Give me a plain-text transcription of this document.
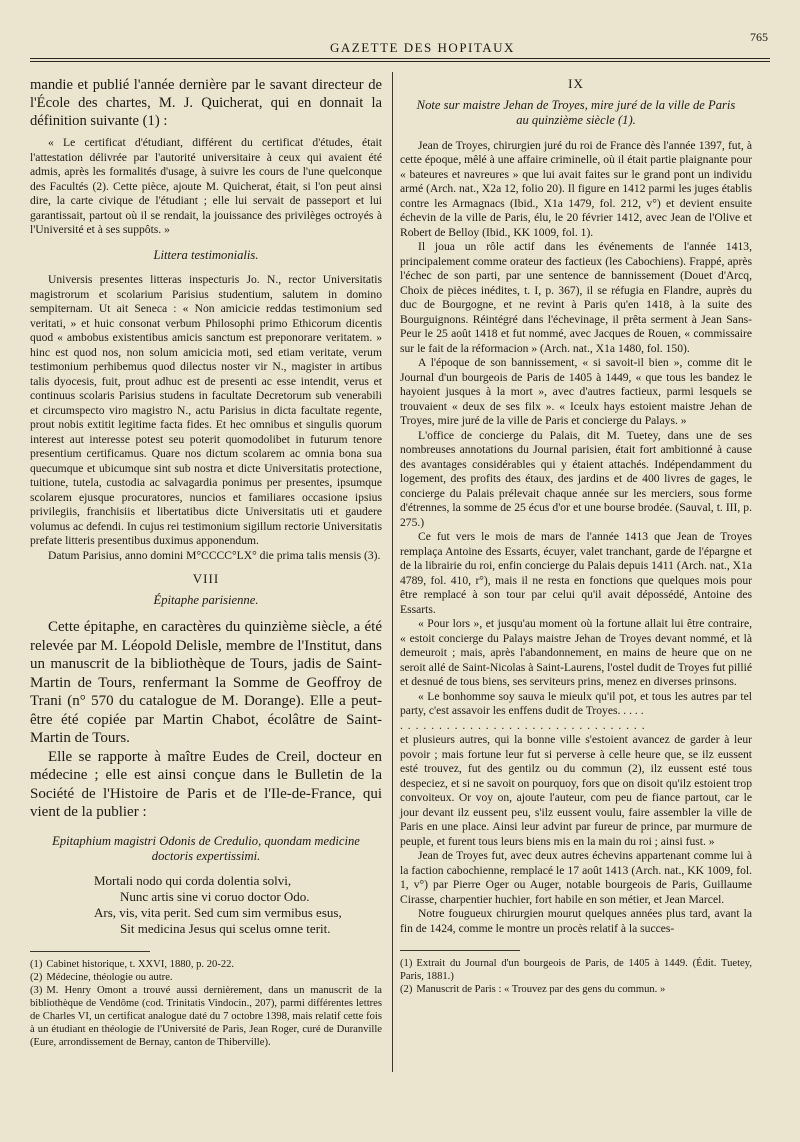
GAZETTE DES HOPITAUX
765

mandie et publié l'année dernière par le savant directeur de l'École des chartes, M. J. Quicherat, qui en donnait la définition suivante (1) :

« Le certificat d'étudiant, différent du certificat d'études, était l'attestation délivrée par l'autorité universitaire à ceux qui avaient été admis, après les formalités d'usage, à suivre les cours de l'une quelconque des Facultés (2). Cette pièce, ajoute M. Quicherat, était, si l'on peut ainsi dire, la carte civique de l'étudiant ; elle lui servait de passeport et lui garantissait, partout où il se rendait, la jouissance des privilèges octroyés à l'Université et à ses suppôts. »

Littera testimonialis.

Universis presentes litteras inspecturis Jo. N., rector Universitatis magistrorum et scolarium Parisius studentium, salutem in domino sempiternam. Ut ait Seneca : « Non amicicie reddas testimonium sed veritati, » et huic consonat verbum Philosophi primo Ethicorum dicentis quod « ambobus existentibus amicis sanctum est preponorare veritatem. » hinc est quod nos, non solum amicicia moti, sed etiam veritate, verum testimonium perhibemus quod dilectus noster vir N., magister in artibus talis dyocesis, fuit, prout adhuc est de presenti ac esse intendit, verus et continuus scolaris Parisius studens in facultate Decretorum sub venerabili et circumspecto viro magistro N., actu Parisius in dicta facultate regente, prout nobis extitit legitime facta fides. Et hec omnibus et singulis quorum interest aut interesse potest seu poterit quomodolibet in futurum tenore presentium certificamus. Quare nos dictum scolarem ac omnia bona sua quecumque et ubicumque sint sub nostra et dicte Universitatis protectione, tuitione, tutela, custodia ac salvagardia ponimus per presentes, ipsumque scolarem ejusque procuratores, nuncios et familiares occasione ipsius privilegiis, franchisiis et libertatibus dicte Universitatis uti et gaudere volumus ac defendi. In cujus rei testimonium sigillum rectorie Universitatis prefate litteris presentibus duximus apponendum.

Datum Parisius, anno domini M°CCCC°LX° die prima talis mensis (3).

VIII

Épitaphe parisienne.

Cette épitaphe, en caractères du quinzième siècle, a été relevée par M. Léopold Delisle, membre de l'Institut, dans un manuscrit de la bibliothèque de Tours, jadis de Saint-Martin de Tours, renfermant la Somme de Geoffroy de Trani (n° 570 du catalogue de M. Dorange). Elle a peut-être été copiée par Martin Chabot, écolâtre de Saint-Martin de Tours.

Elle se rapporte à maître Eudes de Creil, docteur en médecine ; elle est ainsi conçue dans le Bulletin de la Société de l'Histoire de Paris et de l'Ile-de-France, qui vient de la publier :

Epitaphium magistri Odonis de Credulio, quondam medicine doctoris expertissimi.

Mortali nodo qui corda dolentia solvi,
Nunc artis sine vi coruo doctor Odo.
Ars, vis, vita perit. Sed cum sim vermibus esus,
Sit medicina Jesus qui scelus omne terit.

(1) Cabinet historique, t. XXVI, 1880, p. 20-22.

(2) Médecine, théologie ou autre.

(3) M. Henry Omont a trouvé aussi dernièrement, dans un manuscrit de la bibliothèque de Vendôme (cod. Trinitatis Vindocin., 207), parmi différentes lettres de Charles VI, un certificat analogue daté du 7 octobre 1398, mais relatif cette fois à un étudiant en théologie de l'Université de Paris, Jean Roger, curé de Duranville (Eure, arrondissement de Bernay, canton de Thiberville).

IX

Note sur maistre Jehan de Troyes, mire juré de la ville de Paris au quinzième siècle (1).

Jean de Troyes, chirurgien juré du roi de France dès l'année 1397, fut, à cette époque, mêlé à une affaire criminelle, où il était partie plaignante pour « bateures et navreures » que lui avait faites sur le grand pont un individu armé (Arch. nat., X2a 12, folio 20). Il figure en 1412 parmi les juges établis contre les Armagnacs (Ibid., X1a 1479, fol. 212, v°) et devient ensuite échevin de la ville de Paris, élu, le 20 février 1412, avec Jean de l'Olive et Robert de Belloy (Ibid., KK 1009, fol. 1).

Il joua un rôle actif dans les événements de l'année 1413, principalement comme orateur des factieux (les Cabochiens). Frappé, après l'échec de son parti, par une sentence de bannissement (Douet d'Arcq, Choix de pièces inédites, t. I, p. 367), il se réfugia en Flandre, auprès du duc de Bourgogne, et ne revint à Paris qu'en 1418, à la suite des Bourguignons. Réintégré dans l'échevinage, il prêta serment à Jean Sans-Peur le 25 août 1418 et fut nommé, avec Jacques de Rouen, « commissaire sur le fait de la réformacion » (Arch. nat., X1a 1480, fol. 150).

A l'époque de son bannissement, « si savoit-il bien », comme dit le Journal d'un bourgeois de Paris de 1405 à 1449, « que tous les bandez le hayoient jusques à la mort », avec d'autres factieux, parmi lesquels se trouvaient « deux de ses filx ». « Iceulx hays estoient maistre Jehan de Troyes, mire juré de la ville de Paris et concierge du Palays. »

L'office de concierge du Palais, dit M. Tuetey, dans une de ses nombreuses annotations du Journal parisien, était fort ambitionné à cause des avantages considérables qui y étaient attachés. Indépendamment du logement, des profits des étaux, des jardins et de 400 livres de gages, le concierge du Palais prélevait chaque année sur les merciers, sous forme d'étrennes, la somme de 25 écus d'or et une bourse brodée. (Sauval, t. III, p. 275.)

Ce fut vers le mois de mars de l'année 1413 que Jean de Troyes remplaça Antoine des Essarts, écuyer, valet tranchant, garde de l'épargne et de la librairie du roi, enfin concierge du Palais depuis 1411 (Arch. nat., X1a 4789, fol. 410, r°), mais il ne resta en fonctions que quelques mois pour être remplacé à son tour par celui qu'il avait dépossédé, Antoine des Essarts.

« Pour lors », et jusqu'au moment où la fortune allait lui être contraire, « estoit concierge du Palays maistre Jehan de Troyes devant nommé, et là demeuroit ; mais, après l'abandonnement, en mains de heure que on ne seroit allé de Saint-Nicolas à Saint-Laurens, l'ostel dudit de Troyes fut pillié et desnué de tous biens, ses serviteurs prins, menez en diverses prinsons.

« Le bonhomme soy sauva le mieulx qu'il pot, et tous les autres par tel party, c'est assavoir les enffens dudit de Troyes. . . . .

. . . . . . . . . . . . . . . . . . . . . . . . . . . . . . . .

et plusieurs autres, qui la bonne ville s'estoient avancez de garder à leur povoir ; mais fortune leur fut si perverse à celle heure que, se ilz eussent esté trouvez, fut des gentilz ou du commun (2), ilz eussent esté tous despeciez, et si ne savoit on pourquoy, fors que on disoit qu'ilz estoient trop convoiteux. Or voy on, ajoute l'auteur, com peu de fiance partout, car le jour devant ilz eussent peu, s'ilz eussent voulu, faire assembler la ville de Paris en une place. Ainsi leur advint par fureur de prince, par murmure de peuple, et furent tous leurs biens mis en la main du roi ; ainsi fust. »

Jean de Troyes fut, avec deux autres échevins appartenant comme lui à la faction cabochienne, remplacé le 17 août 1413 (Arch. nat., KK 1009, fol. 1, v°) par Pierre Oger ou Auger, notable bourgeois de Paris, Guillaume Cirasse, charpentier huchier, fort habile en son métier, et Jean Marcel.

Notre fougueux chirurgien mourut quelques années plus tard, avant la fin de 1424, comme le montre un procès relatif à la succes-

(1) Extrait du Journal d'un bourgeois de Paris, de 1405 à 1449. (Édit. Tuetey, Paris, 1881.)

(2) Manuscrit de Paris : « Trouvez par des gens du commun. »
